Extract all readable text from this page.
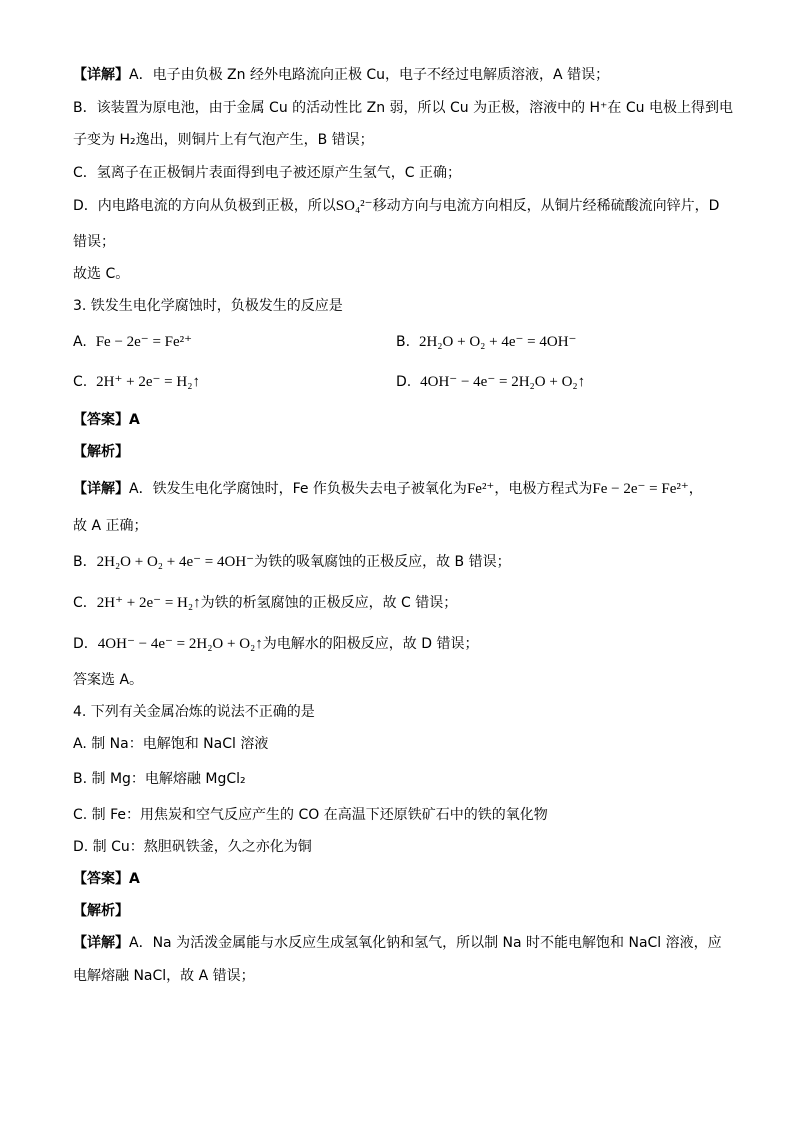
【详解】A．电子由负极 Zn 经外电路流向正极 Cu，电子不经过电解质溶液，A 错误；
B．该装置为原电池，由于金属 Cu 的活动性比 Zn 弱，所以 Cu 为正极，溶液中的 H⁺在 Cu 电极上得到电
子变为 H₂逸出，则铜片上有气泡产生，B 错误；
C．氢离子在正极铜片表面得到电子被还原产生氢气，C 正确；
D．内电路电流的方向从负极到正极，所以SO₄²⁻移动方向与电流方向相反，从铜片经稀硫酸流向锌片，D
错误；
故选 C。
3. 铁发生电化学腐蚀时，负极发生的反应是
A. Fe − 2e⁻ = Fe²⁺	B. 2H₂O + O₂ + 4e⁻ = 4OH⁻
C. 2H⁺ + 2e⁻ = H₂↑	D. 4OH⁻ − 4e⁻ = 2H₂O + O₂↑
【答案】A
【解析】
【详解】A．铁发生电化学腐蚀时，Fe 作负极失去电子被氧化为Fe²⁺，电极方程式为Fe − 2e⁻ = Fe²⁺，
故 A 正确；
B．2H₂O + O₂ + 4e⁻ = 4OH⁻为铁的吸氧腐蚀的正极反应，故 B 错误；
C．2H⁺ + 2e⁻ = H₂↑为铁的析氢腐蚀的正极反应，故 C 错误；
D．4OH⁻ − 4e⁻ = 2H₂O + O₂↑为电解水的阳极反应，故 D 错误；
答案选 A。
4. 下列有关金属冶炼的说法不正确的是
A. 制 Na：电解饱和 NaCl 溶液
B. 制 Mg：电解熔融 MgCl₂
C. 制 Fe：用焦炭和空气反应产生的 CO 在高温下还原铁矿石中的铁的氧化物
D. 制 Cu：熬胆矾铁釜，久之亦化为铜
【答案】A
【解析】
【详解】A．Na 为活泼金属能与水反应生成氢氧化钠和氢气，所以制 Na 时不能电解饱和 NaCl 溶液，应
电解熔融 NaCl，故 A 错误；
